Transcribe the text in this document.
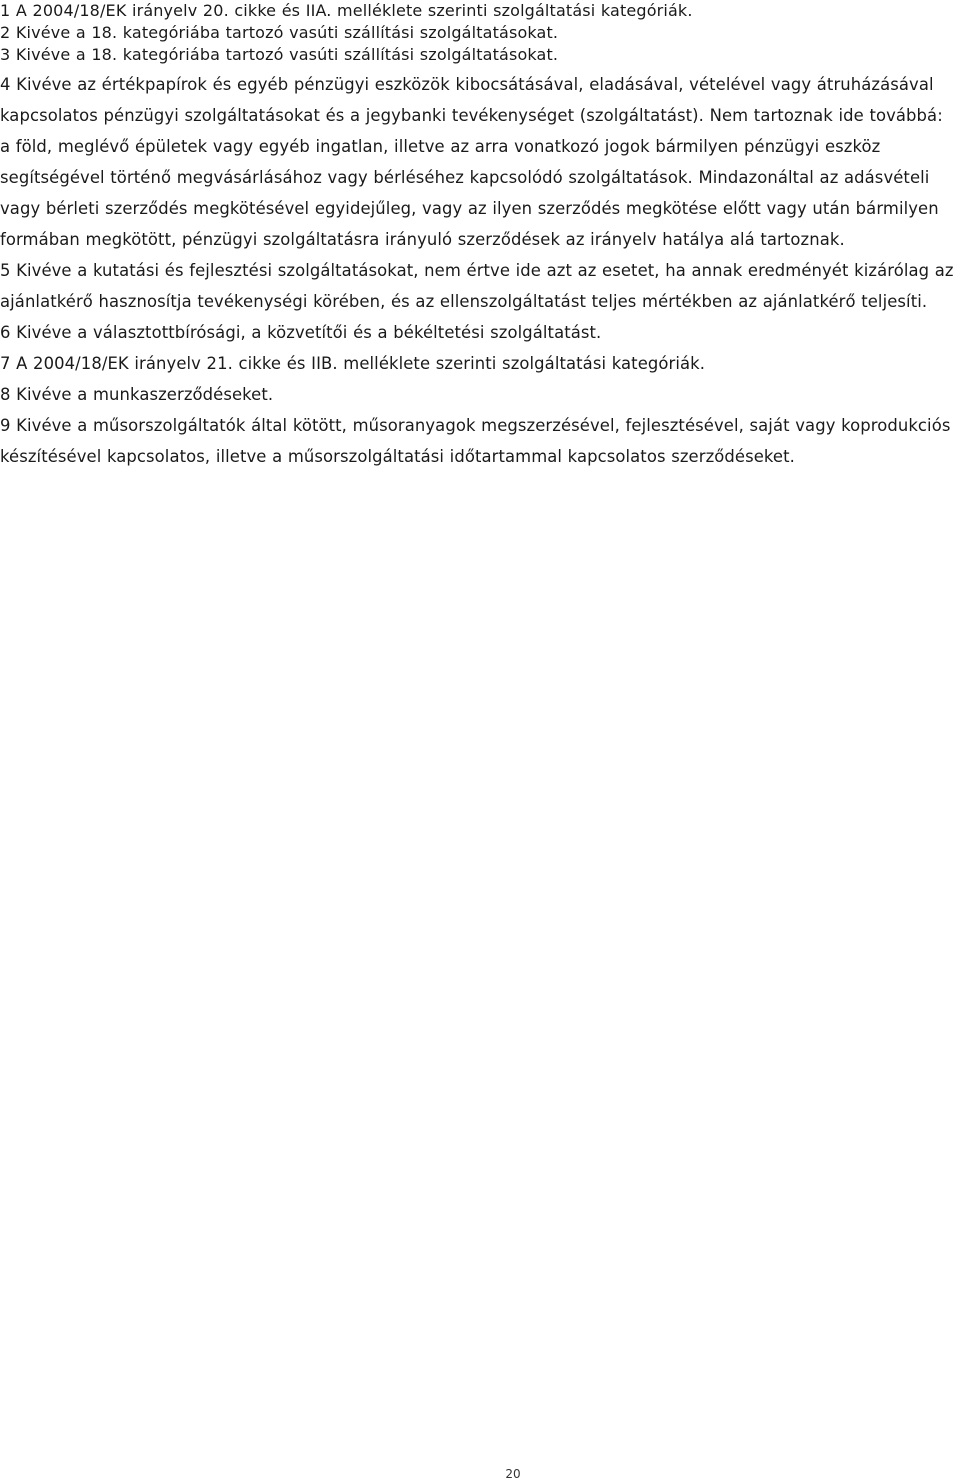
1 A 2004/18/EK irányelv 20. cikke és IIA. melléklete szerinti szolgáltatási kategóriák.

2 Kivéve a 18. kategóriába tartozó vasúti szállítási szolgáltatásokat.

3 Kivéve a 18. kategóriába tartozó vasúti szállítási szolgáltatásokat.

4 Kivéve az értékpapírok és egyéb pénzügyi eszközök kibocsátásával, eladásával, vételével vagy átruházásával kapcsolatos pénzügyi szolgáltatásokat és a jegybanki tevékenységet (szolgáltatást). Nem tartoznak ide továbbá: a föld, meglévő épületek vagy egyéb ingatlan, illetve az arra vonatkozó jogok bármilyen pénzügyi eszköz segítségével történő megvásárlásához vagy bérléséhez kapcsolódó szolgáltatások. Mindazonáltal az adásvételi vagy bérleti szerződés megkötésével egyidejűleg, vagy az ilyen szerződés megkötése előtt vagy után bármilyen formában megkötött, pénzügyi szolgáltatásra irányuló szerződések az irányelv hatálya alá tartoznak.

5 Kivéve a kutatási és fejlesztési szolgáltatásokat, nem értve ide azt az esetet, ha annak eredményét kizárólag az ajánlatkérő hasznosítja tevékenységi körében, és az ellenszolgáltatást teljes mértékben az ajánlatkérő teljesíti.

6 Kivéve a választottbírósági, a közvetítői és a békéltetési szolgáltatást.

7 A 2004/18/EK irányelv 21. cikke és IIB. melléklete szerinti szolgáltatási kategóriák.

8 Kivéve a munkaszerződéseket.

9 Kivéve a műsorszolgáltatók által kötött, műsoranyagok megszerzésével, fejlesztésével, saját vagy koprodukciós készítésével kapcsolatos, illetve a műsorszolgáltatási időtartammal kapcsolatos szerződéseket.

20
